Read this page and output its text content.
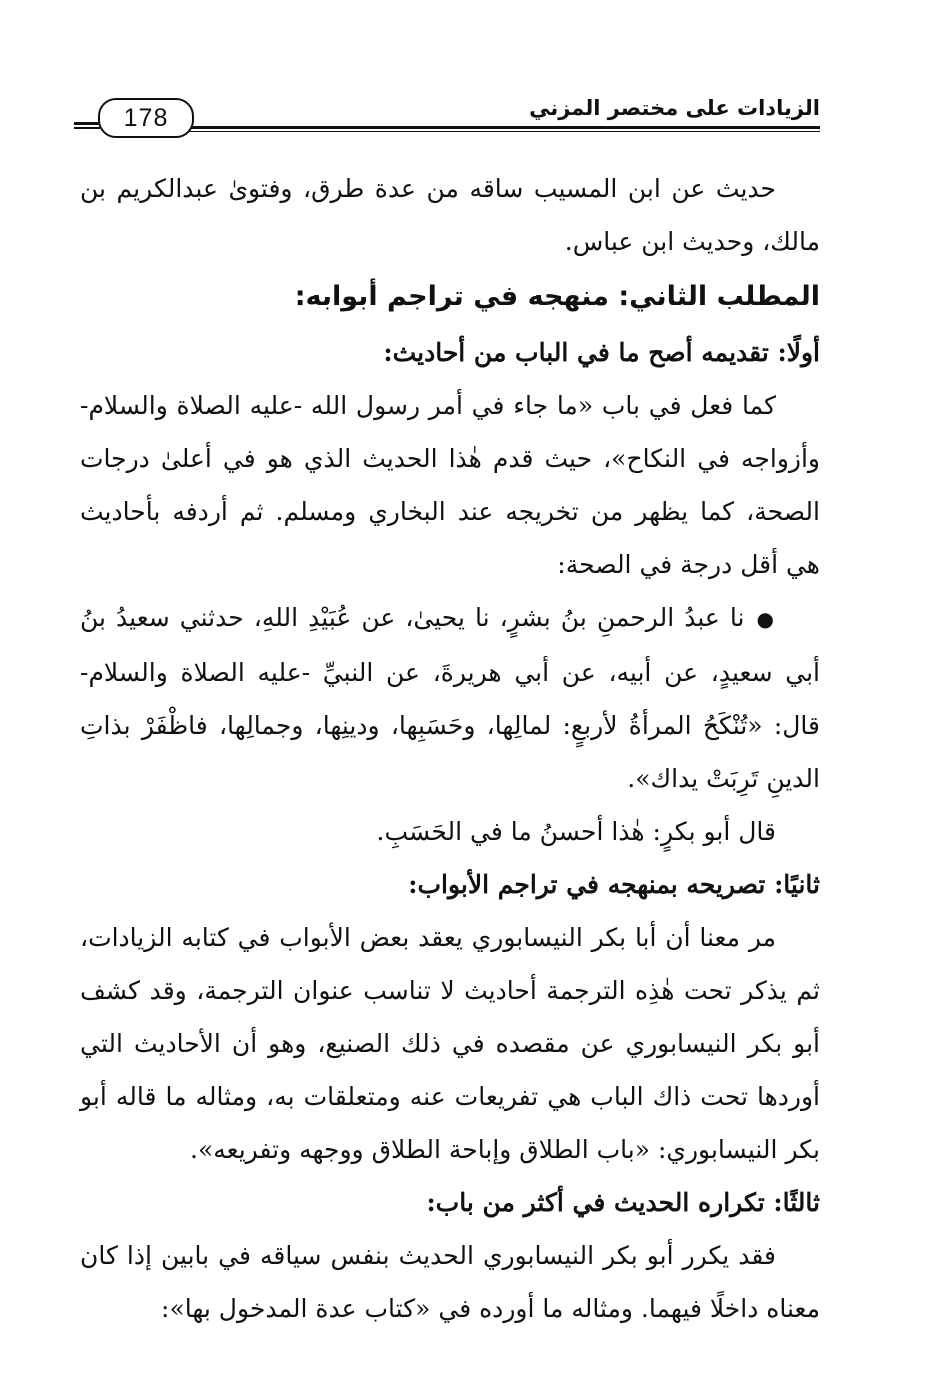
178	الزيادات على مختصر المزني

حديث عن ابن المسيب ساقه من عدة طرق، وفتوىٰ عبدالكريم بن مالك، وحديث ابن عباس.

المطلب الثاني: منهجه في تراجم أبوابه:

أولًا: تقديمه أصح ما في الباب من أحاديث:

كما فعل في باب «ما جاء في أمر رسول الله -عليه الصلاة والسلام- وأزواجه في النكاح»، حيث قدم هٰذا الحديث الذي هو في أعلىٰ درجات الصحة، كما يظهر من تخريجه عند البخاري ومسلم. ثم أردفه بأحاديث هي أقل درجة في الصحة:

●نا عبدُ الرحمنِ بنُ بشرٍ، نا يحيىٰ، عن عُبَيْدِ اللهِ، حدثني سعيدُ بنُ أبي سعيدٍ، عن أبيه، عن أبي هريرةَ، عن النبيِّ -عليه الصلاة والسلام- قال: «تُنْكَحُ المرأةُ لأربعٍ: لمالِها، وحَسَبِها، ودينِها، وجمالِها، فاظْفَرْ بذاتِ الدينِ تَرِبَتْ يداك».

قال أبو بكرٍ: هٰذا أحسنُ ما في الحَسَبِ.

ثانيًا: تصريحه بمنهجه في تراجم الأبواب:

مر معنا أن أبا بكر النيسابوري يعقد بعض الأبواب في كتابه الزيادات، ثم يذكر تحت هٰذِه الترجمة أحاديث لا تناسب عنوان الترجمة، وقد كشف أبو بكر النيسابوري عن مقصده في ذلك الصنيع، وهو أن الأحاديث التي أوردها تحت ذاك الباب هي تفريعات عنه ومتعلقات به، ومثاله ما قاله أبو بكر النيسابوري: «باب الطلاق وإباحة الطلاق ووجهه وتفريعه».

ثالثًا: تكراره الحديث في أكثر من باب:

فقد يكرر أبو بكر النيسابوري الحديث بنفس سياقه في بابين إذا كان معناه داخلًا فيهما. ومثاله ما أورده في «كتاب عدة المدخول بها»:
